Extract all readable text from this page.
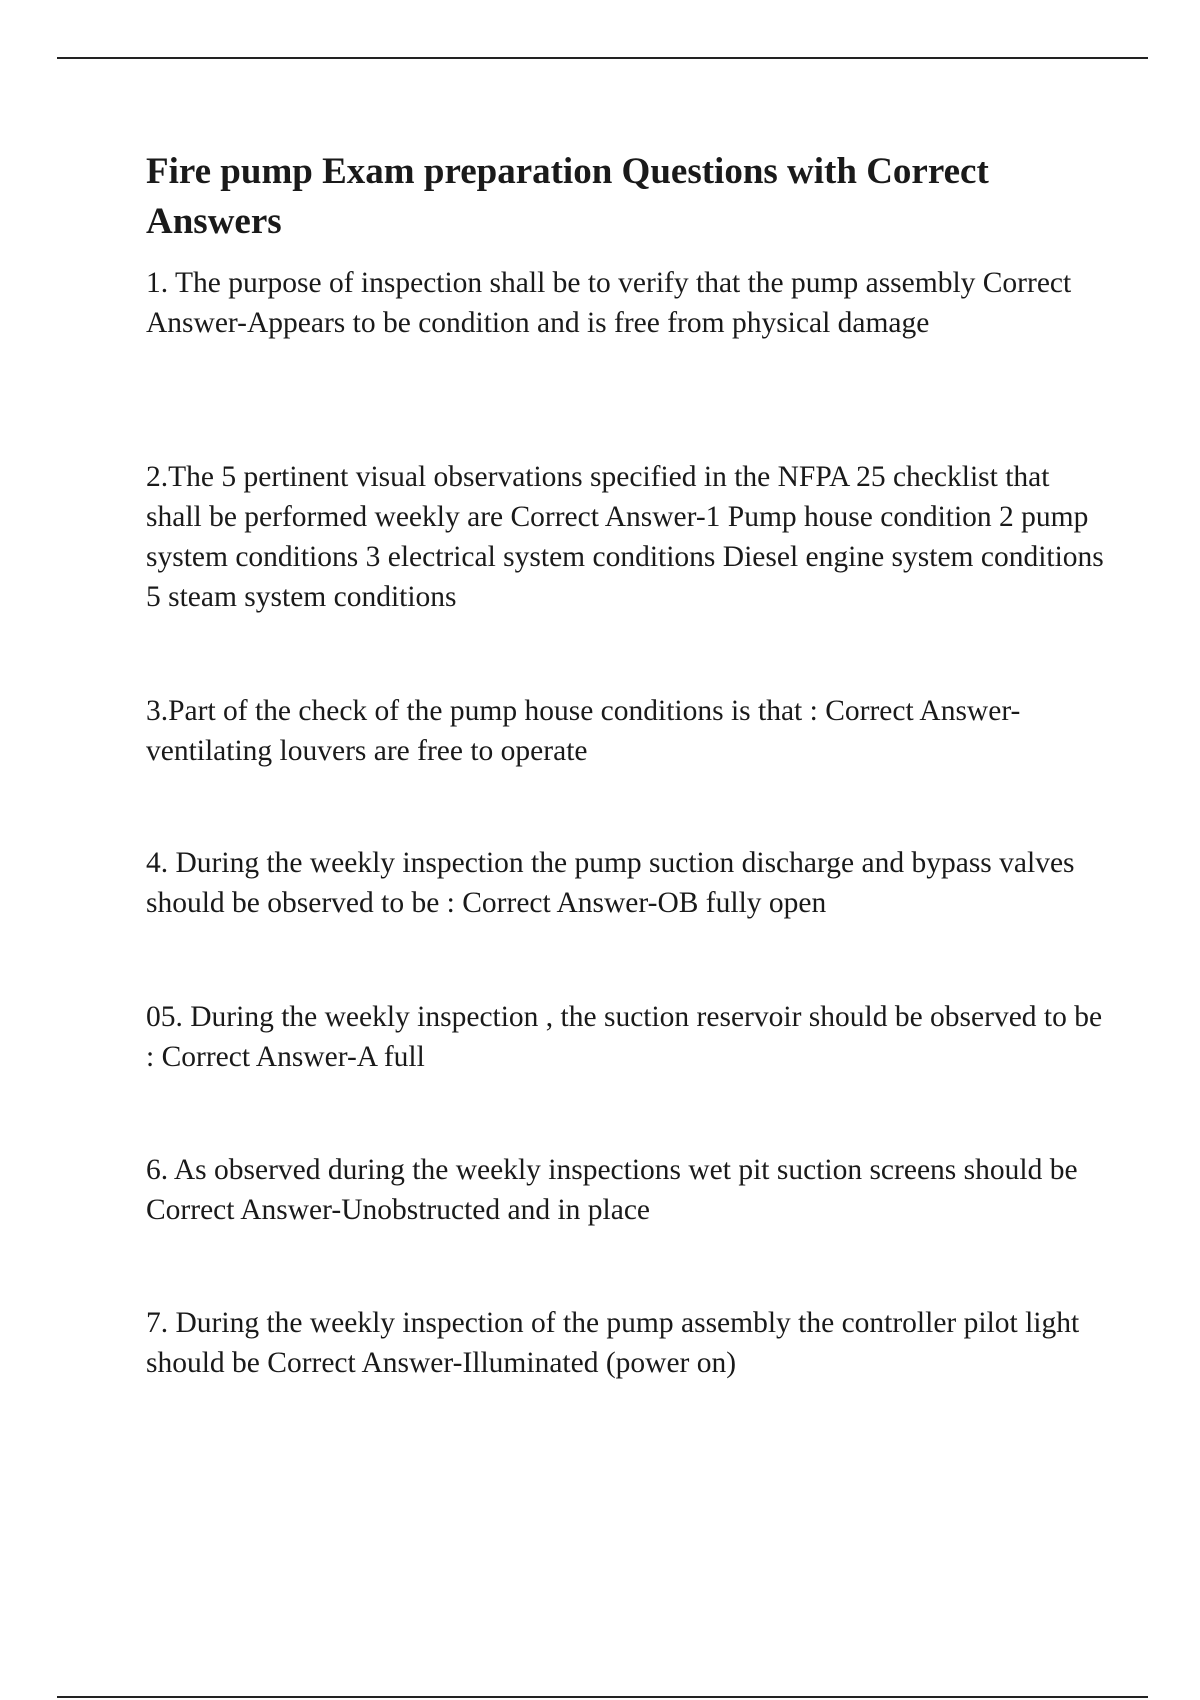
Fire pump Exam preparation Questions with Correct Answers

1. The purpose of inspection shall be to verify that the pump assembly Correct Answer-Appears to be condition and is free from physical damage

2.The 5 pertinent visual observations specified in the NFPA 25 checklist that shall be performed weekly are Correct Answer-1 Pump house condition 2 pump system conditions 3 electrical system conditions Diesel engine system conditions 5 steam system conditions

3.Part of the check of the pump house conditions is that : Correct Answer-ventilating louvers are free to operate

4. During the weekly inspection the pump suction discharge and bypass valves should be observed to be : Correct Answer-OB fully open

05. During the weekly inspection , the suction reservoir should be observed to be : Correct Answer-A full

6. As observed during the weekly inspections wet pit suction screens should be Correct Answer-Unobstructed and in place

7. During the weekly inspection of the pump assembly the controller pilot light should be Correct Answer-Illuminated (power on)
